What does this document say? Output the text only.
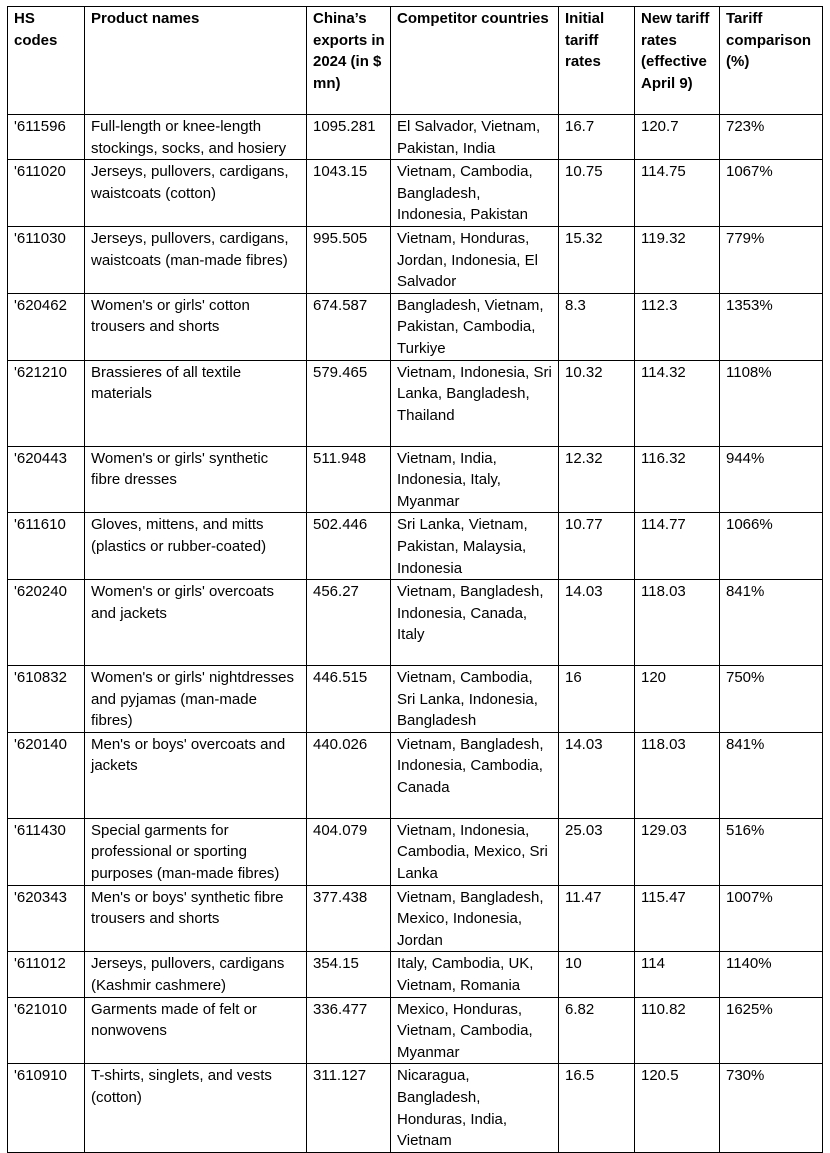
HS codes	Product names	China’s exports in 2024 (in $ mn)	Competitor countries	Initial tariff rates	New tariff rates (effective April 9)	Tariff comparison (%)
'611596	Full-length or knee-length stockings, socks, and hosiery	1095.281	El Salvador, Vietnam, Pakistan, India	16.7	120.7	723%
'611020	Jerseys, pullovers, cardigans, waistcoats (cotton)	1043.15	Vietnam, Cambodia, Bangladesh, Indonesia, Pakistan	10.75	114.75	1067%
'611030	Jerseys, pullovers, cardigans, waistcoats (man-made fibres)	995.505	Vietnam, Honduras, Jordan, Indonesia, El Salvador	15.32	119.32	779%
'620462	Women's or girls' cotton trousers and shorts	674.587	Bangladesh, Vietnam, Pakistan, Cambodia, Turkiye	8.3	112.3	1353%
'621210	Brassieres of all textile materials	579.465	Vietnam, Indonesia, Sri Lanka, Bangladesh, Thailand	10.32	114.32	1108%
'620443	Women's or girls' synthetic fibre dresses	511.948	Vietnam, India, Indonesia, Italy, Myanmar	12.32	116.32	944%
'611610	Gloves, mittens, and mitts (plastics or rubber-coated)	502.446	Sri Lanka, Vietnam, Pakistan, Malaysia, Indonesia	10.77	114.77	1066%
'620240	Women's or girls' overcoats and jackets	456.27	Vietnam, Bangladesh, Indonesia, Canada, Italy	14.03	118.03	841%
'610832	Women's or girls' nightdresses and pyjamas (man-made fibres)	446.515	Vietnam, Cambodia, Sri Lanka, Indonesia, Bangladesh	16	120	750%
'620140	Men's or boys' overcoats and jackets	440.026	Vietnam, Bangladesh, Indonesia, Cambodia, Canada	14.03	118.03	841%
'611430	Special garments for professional or sporting purposes (man-made fibres)	404.079	Vietnam, Indonesia, Cambodia, Mexico, Sri Lanka	25.03	129.03	516%
'620343	Men's or boys' synthetic fibre trousers and shorts	377.438	Vietnam, Bangladesh, Mexico, Indonesia, Jordan	11.47	115.47	1007%
'611012	Jerseys, pullovers, cardigans (Kashmir cashmere)	354.15	Italy, Cambodia, UK, Vietnam, Romania	10	114	1140%
'621010	Garments made of felt or nonwovens	336.477	Mexico, Honduras, Vietnam, Cambodia, Myanmar	6.82	110.82	1625%
'610910	T-shirts, singlets, and vests (cotton)	311.127	Nicaragua, Bangladesh, Honduras, India, Vietnam	16.5	120.5	730%
